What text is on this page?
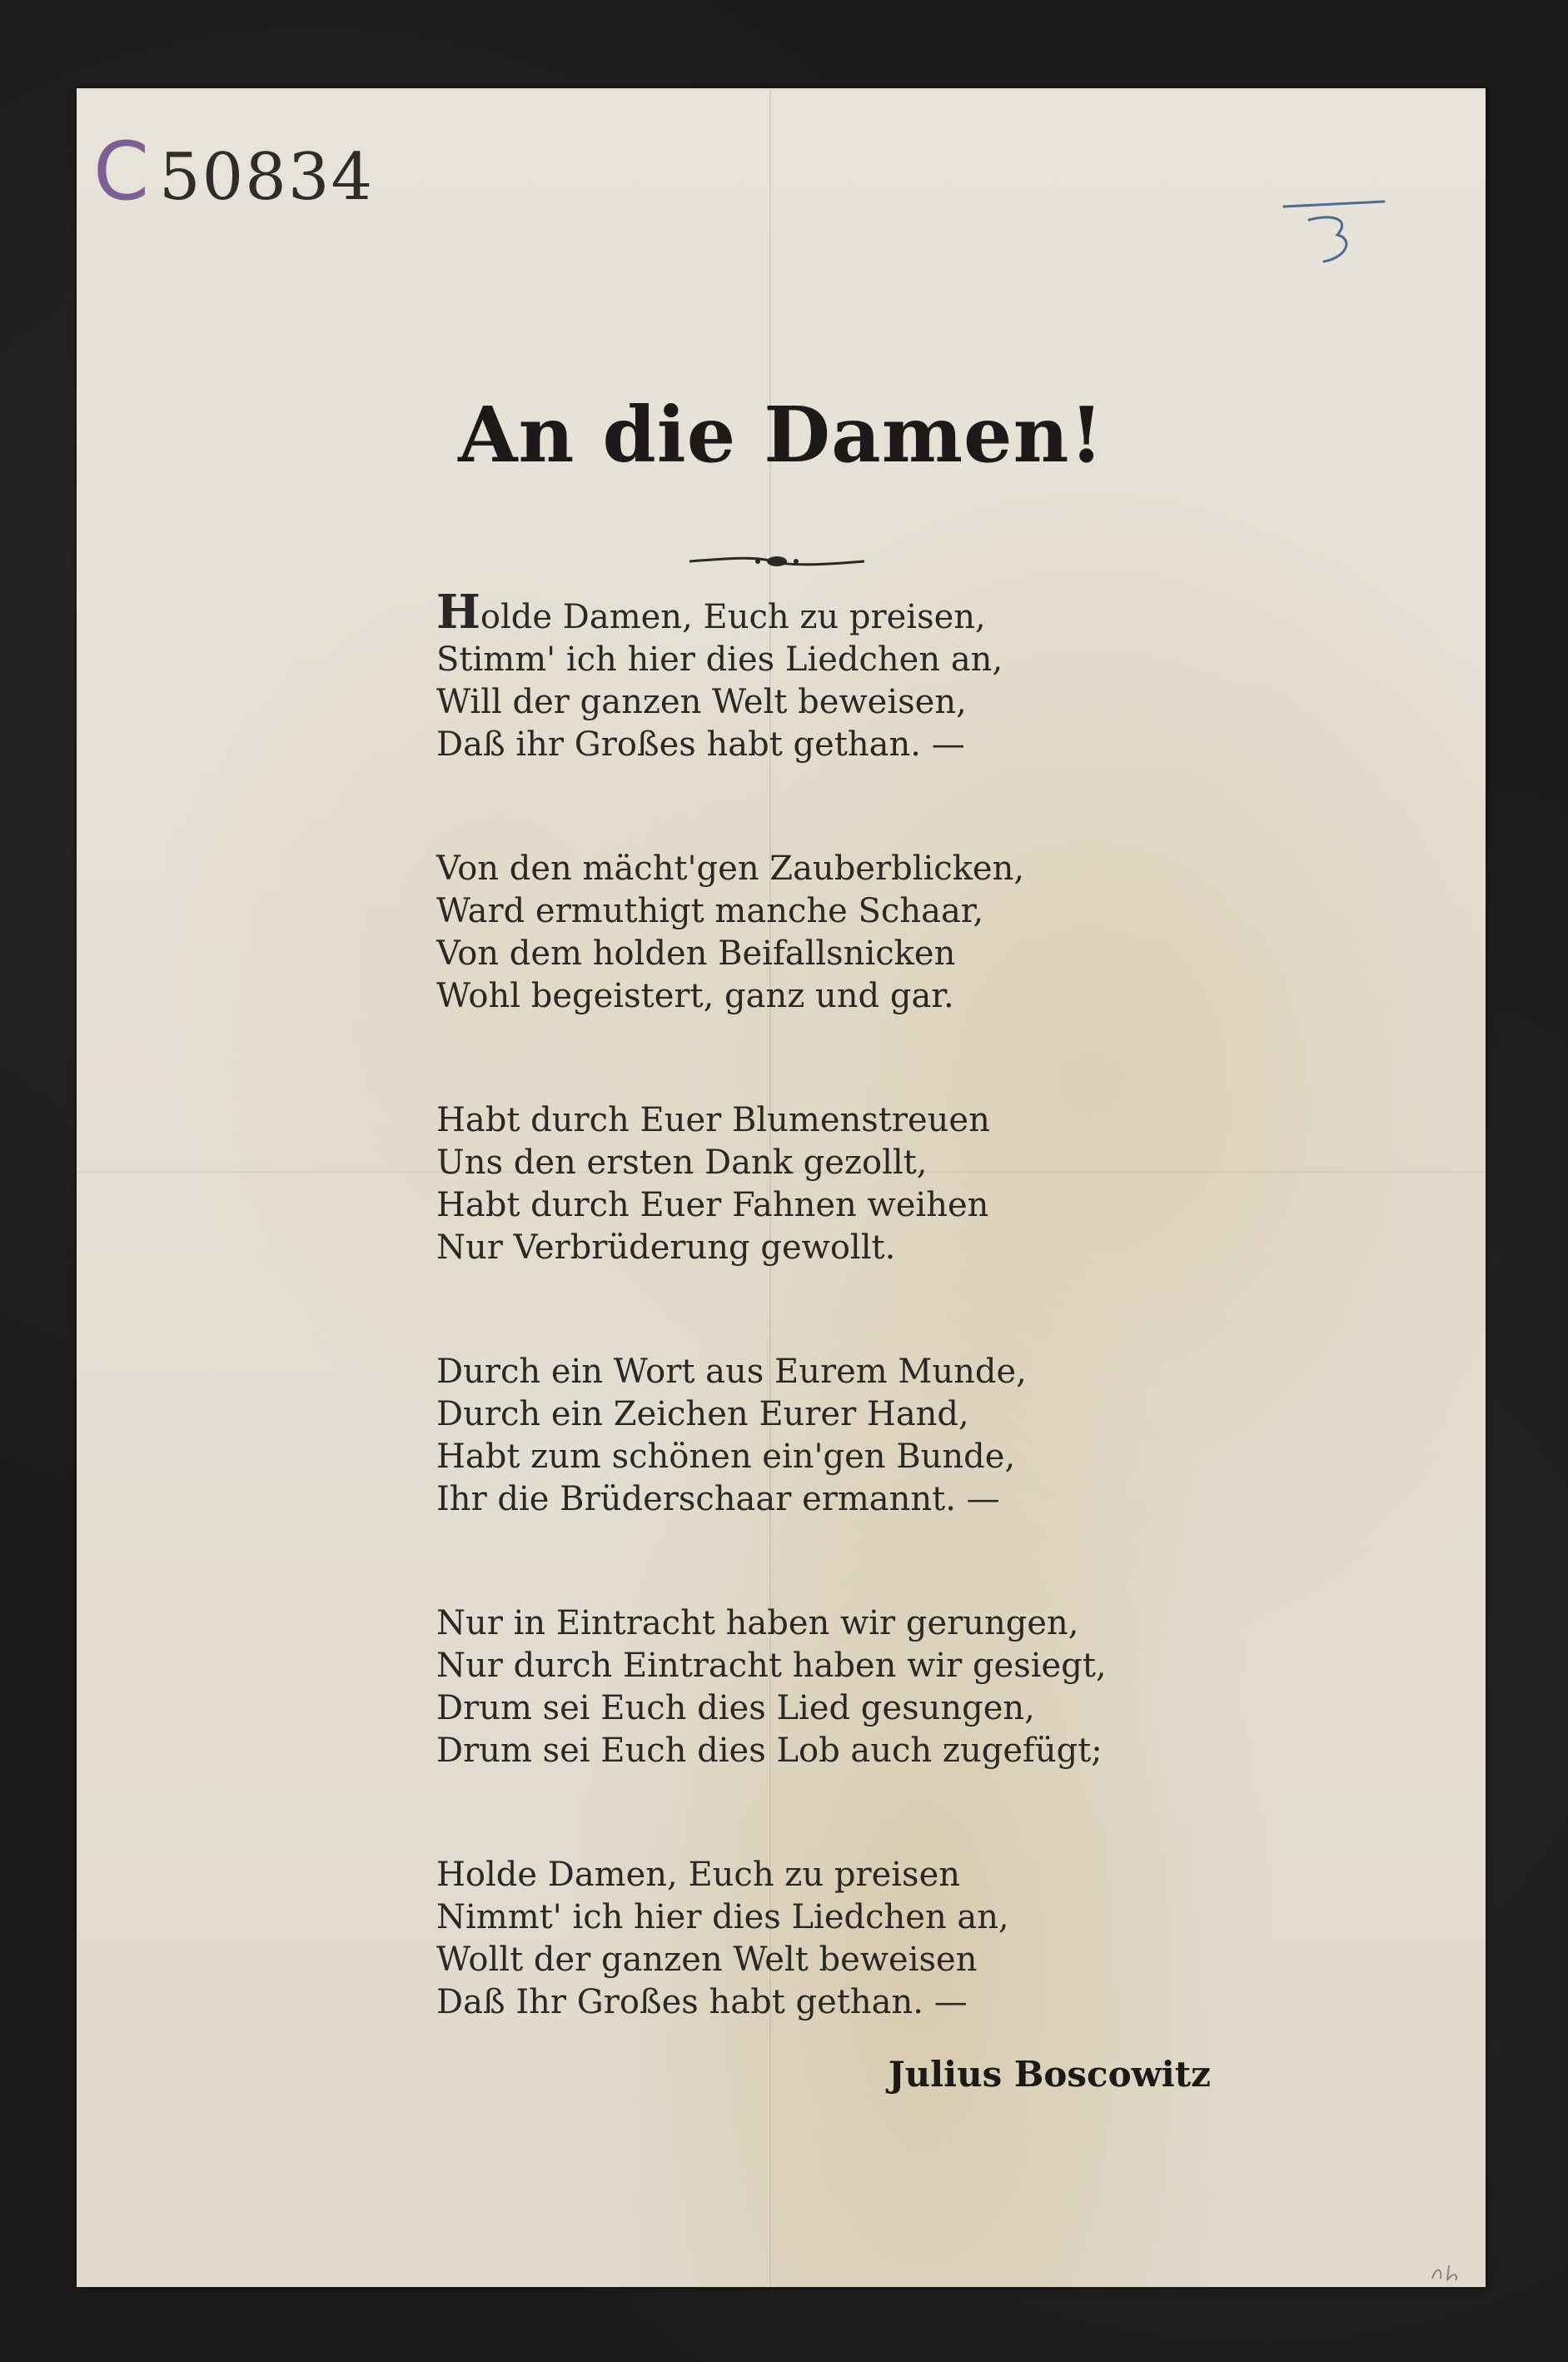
C 50834
An die Damen!
Holde Damen, Euch zu preisen,
Stimm' ich hier dies Liedchen an,
Will der ganzen Welt beweisen,
Daß ihr Großes habt gethan. —
Von den mächt'gen Zauberblicken,
Ward ermuthigt manche Schaar,
Von dem holden Beifallsnicken
Wohl begeistert, ganz und gar.
Habt durch Euer Blumenstreuen
Uns den ersten Dank gezollt,
Habt durch Euer Fahnen weihen
Nur Verbrüderung gewollt.
Durch ein Wort aus Eurem Munde,
Durch ein Zeichen Eurer Hand,
Habt zum schönen ein'gen Bunde,
Ihr die Brüderschaar ermannt. —
Nur in Eintracht haben wir gerungen,
Nur durch Eintracht haben wir gesiegt,
Drum sei Euch dies Lied gesungen,
Drum sei Euch dies Lob auch zugefügt;
Holde Damen, Euch zu preisen
Nimmt' ich hier dies Liedchen an,
Wollt der ganzen Welt beweisen
Daß Ihr Großes habt gethan. —
Julius Boscowitz
